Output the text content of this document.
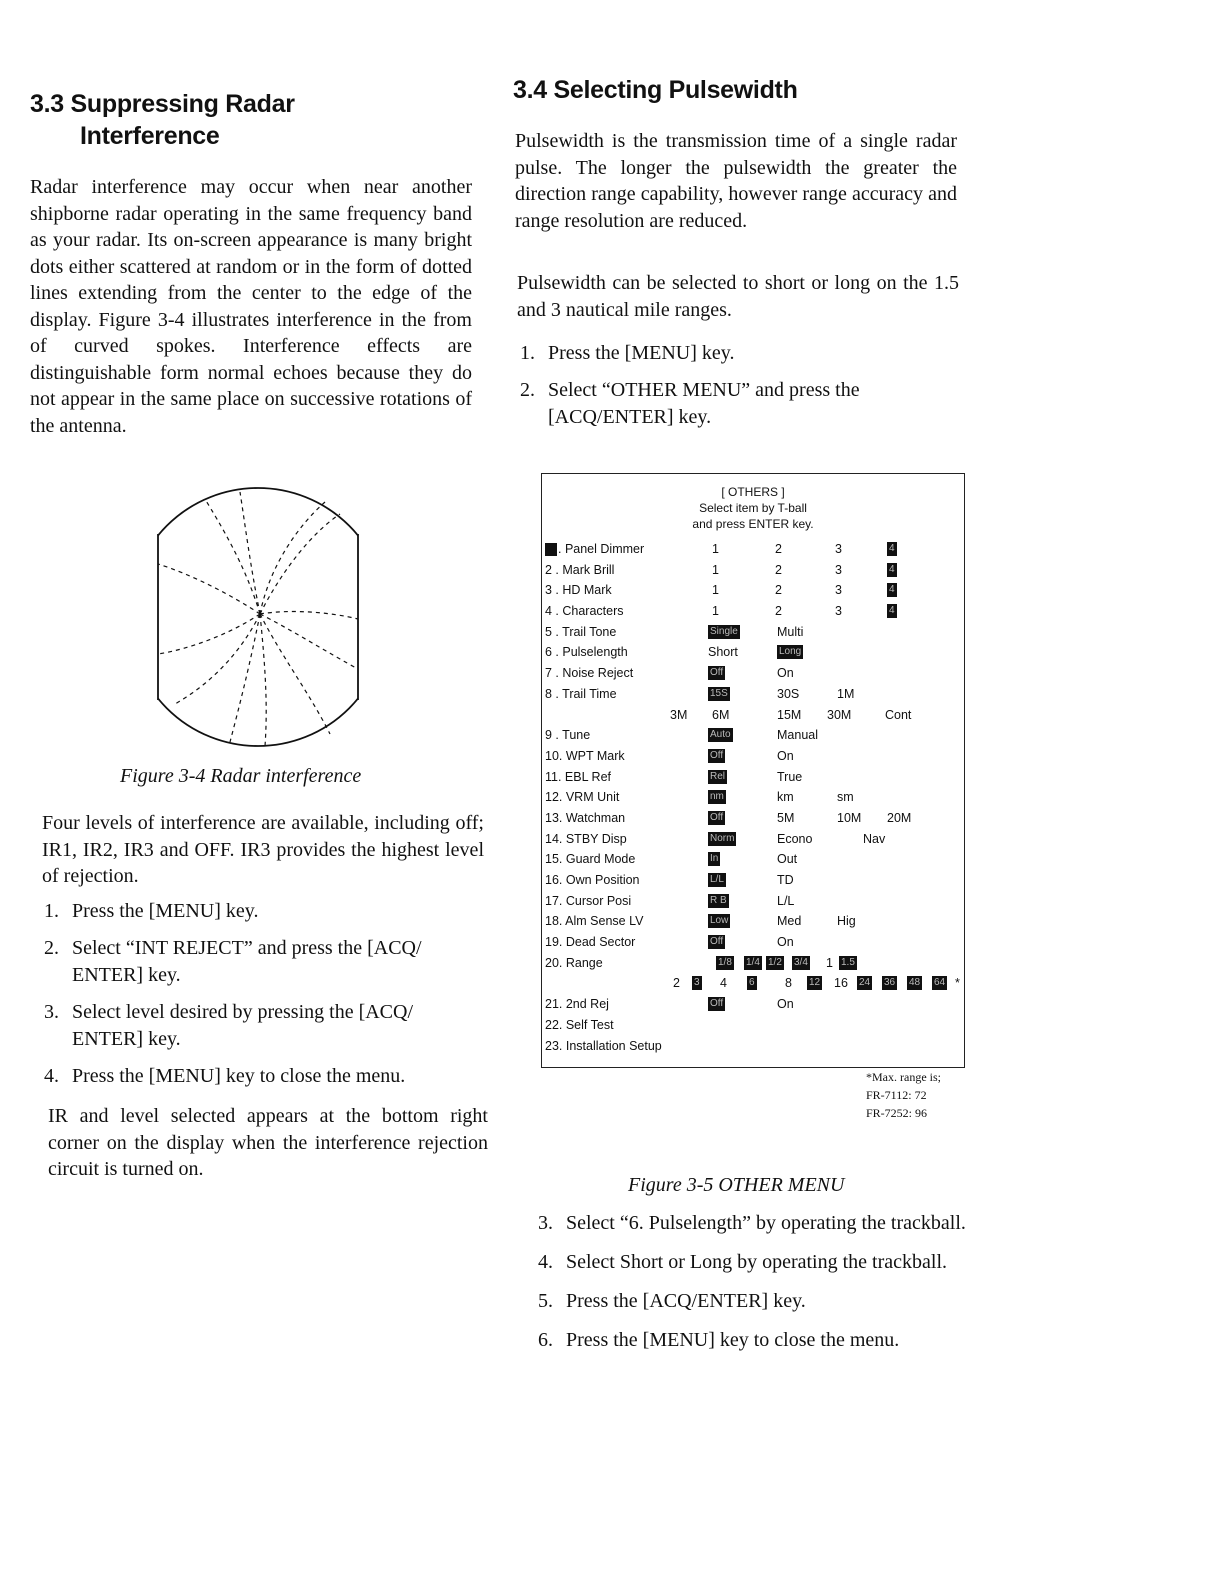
3.3 Suppressing Radar
Interference

Radar interference may occur when near another shipborne radar operating in the same frequency band as your radar. Its on-screen appearance is many bright dots either scattered at random or in the form of dotted lines extending from the center to the edge of the display. Figure 3-4 illustrates interference in the from of curved spokes. Interference effects are distinguishable form normal echoes because they do not appear in the same place on successive rotations of the antenna.

Figure 3-4 Radar interference

Four levels of interference are available, including off; IR1, IR2, IR3 and OFF. IR3 provides the highest level of rejection.

1. Press the [MENU] key.
2. Select “INT REJECT” and press the [ACQ/ ENTER] key.
3. Select level desired by pressing the [ACQ/ ENTER] key.
4. Press the [MENU] key to close the menu.

IR and level selected appears at the bottom right corner on the display when the interference rejection circuit is turned on.

3.4 Selecting Pulsewidth

Pulsewidth is the transmission time of a single radar pulse. The longer the pulsewidth the greater the direction range capability, however range accuracy and range resolution are reduced.

Pulsewidth can be selected to short or long on the 1.5 and 3 nautical mile ranges.

1. Press the [MENU] key.
2. Select “OTHER MENU” and press the [ACQ/ENTER] key.
[ OTHERS ]
Select item by T-ball
and press ENTER key.
. Panel Dimmer	1	2	3	4
2 . Mark Brill	1	2	3	4
3 . HD Mark	1	2	3	4
4 . Characters	1	2	3	4
5 . Trail Tone	Single	Multi
6 . Pulselength	Short	Long
7 . Noise Reject	Off	On
8 . Trail Time	15S	30S	1M
3M 6M	15M 30M	Cont
9 . Tune	Auto	Manual
10. WPT Mark	Off	On
11. EBL Ref	Rel	True
12. VRM Unit	nm	km	sm
13. Watchman	Off	5M	10M 20M
14. STBY Disp	Norm	Econo	Nav
15. Guard Mode	In	Out
16. Own Position	L/L	TD
17. Cursor Posi	R B	L/L
18. Alm Sense LV	Low	Med	Hig
19. Dead Sector	Off	On
20. Range	1/8 1/4 1/2 3/4 1 1.5
2 3 4 6 8 12 16 24 36 48 64 *
21. 2nd Rej	Off	On
22. Self Test
23. Installation Setup
*Max. range is;
FR-7112: 72
FR-7252: 96
Figure 3-5 OTHER MENU
3. Select “6. Pulselength” by operating the trackball.
4. Select Short or Long by operating the trackball.
5. Press the [ACQ/ENTER] key.
6. Press the [MENU] key to close the menu.
